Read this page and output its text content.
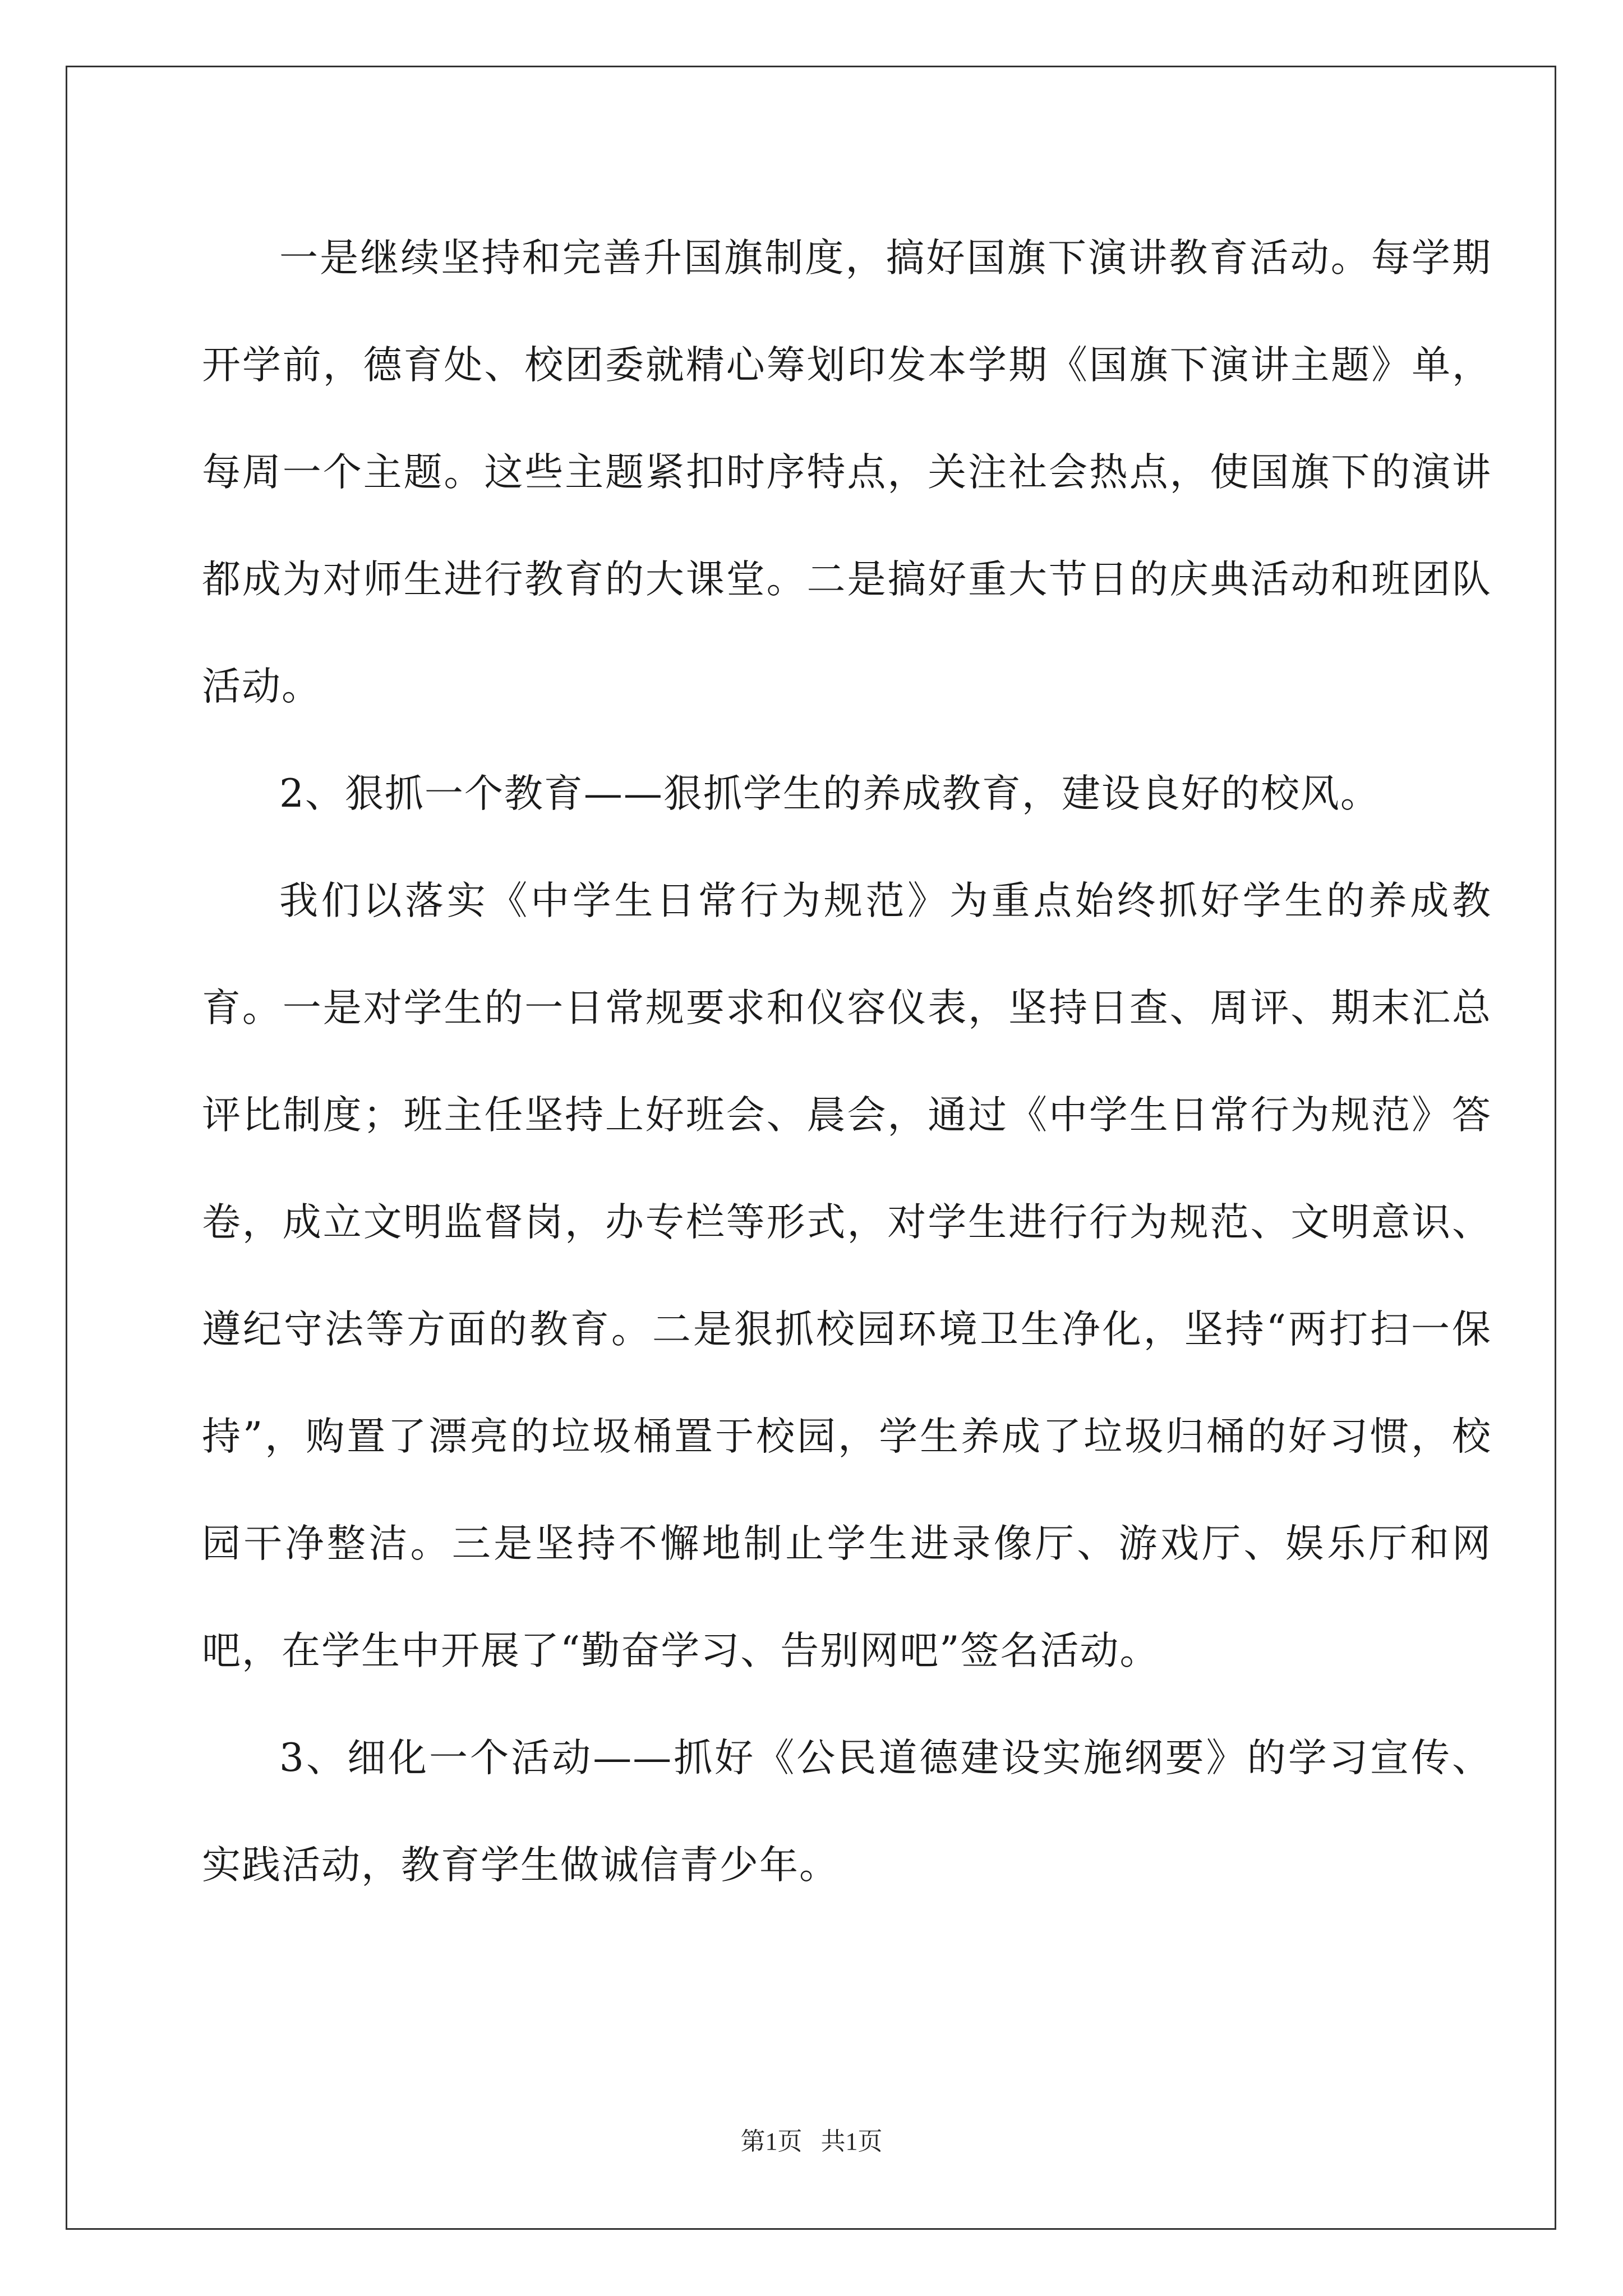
一是继续坚持和完善升国旗制度，搞好国旗下演讲教育活动。每学期开学前，德育处、校团委就精心筹划印发本学期《国旗下演讲主题》单，每周一个主题。这些主题紧扣时序特点，关注社会热点，使国旗下的演讲都成为对师生进行教育的大课堂。二是搞好重大节日的庆典活动和班团队活动。

2、狠抓一个教育——狠抓学生的养成教育，建设良好的校风。

我们以落实《中学生日常行为规范》为重点始终抓好学生的养成教育。一是对学生的一日常规要求和仪容仪表，坚持日查、周评、期末汇总评比制度；班主任坚持上好班会、晨会，通过《中学生日常行为规范》答卷，成立文明监督岗，办专栏等形式，对学生进行行为规范、文明意识、遵纪守法等方面的教育。二是狠抓校园环境卫生净化，坚持“两打扫一保持”，购置了漂亮的垃圾桶置于校园，学生养成了垃圾归桶的好习惯，校园干净整洁。三是坚持不懈地制止学生进录像厅、游戏厅、娱乐厅和网吧，在学生中开展了“勤奋学习、告别网吧”签名活动。

3、细化一个活动——抓好《公民道德建设实施纲要》的学习宣传、实践活动，教育学生做诚信青少年。

第1页 共1页
